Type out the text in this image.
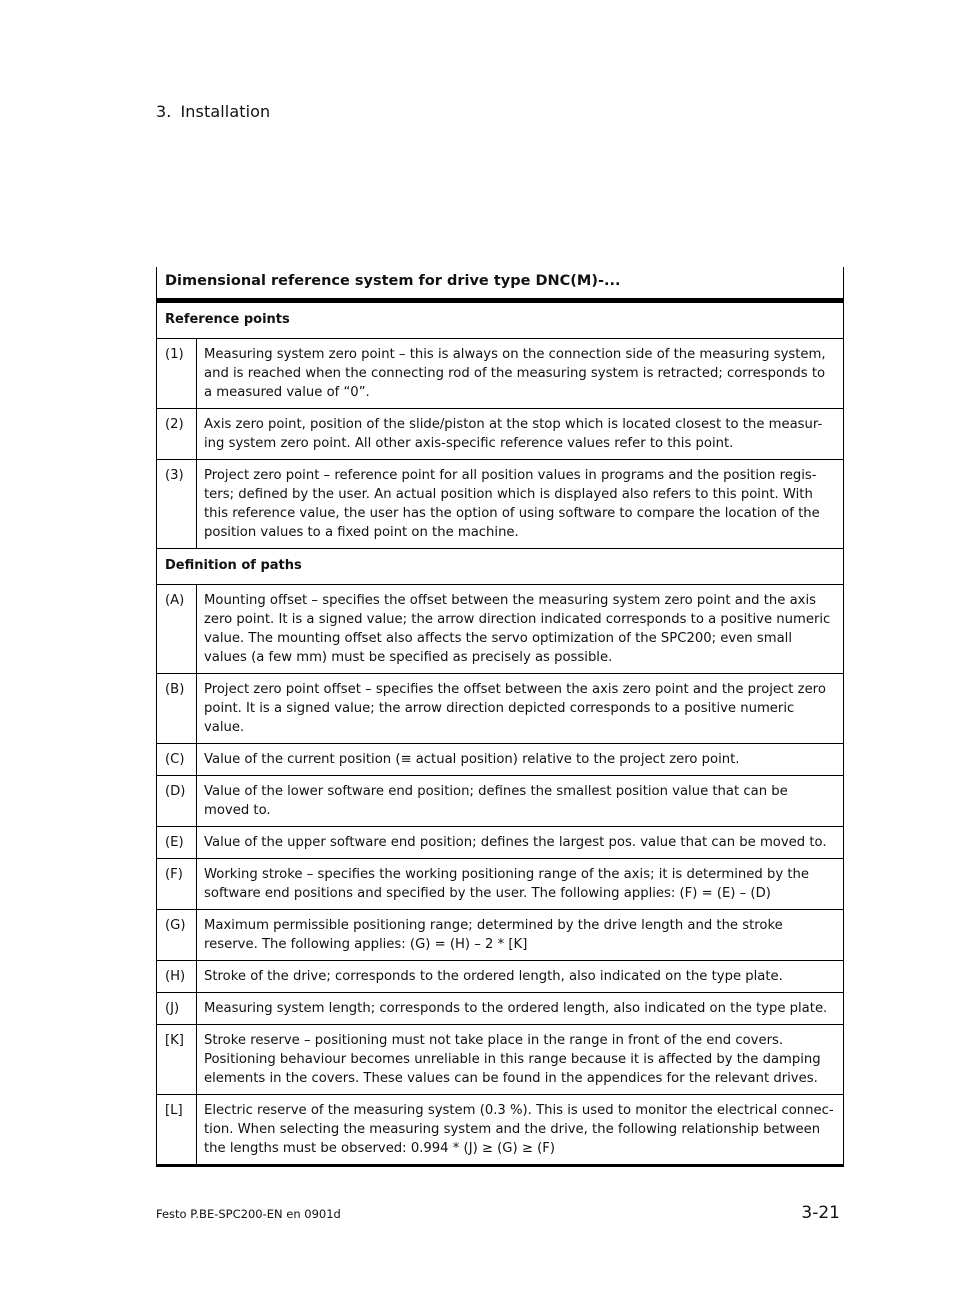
3. Installation
Dimensional reference system for drive type DNC(M)-...
Reference points
(1)	Measuring system zero point – this is always on the connection side of the measuring system, and is reached when the connecting rod of the measuring system is retracted; corresponds to a measured value of “0”.
(2)	Axis zero point, position of the slide/piston at the stop which is located closest to the measur-ing system zero point. All other axis-specific reference values refer to this point.
(3)	Project zero point – reference point for all position values in programs and the position regis-ters; defined by the user. An actual position which is displayed also refers to this point. With this reference value, the user has the option of using software to compare the location of the position values to a fixed point on the machine.
Definition of paths
(A)	Mounting offset – specifies the offset between the measuring system zero point and the axis zero point. It is a signed value; the arrow direction indicated corresponds to a positive numeric value. The mounting offset also affects the servo optimization of the SPC200; even small values (a few mm) must be specified as precisely as possible.
(B)	Project zero point offset – specifies the offset between the axis zero point and the project zero point. It is a signed value; the arrow direction depicted corresponds to a positive numeric value.
(C)	Value of the current position (≡ actual position) relative to the project zero point.
(D)	Value of the lower software end position; defines the smallest position value that can be moved to.
(E)	Value of the upper software end position; defines the largest pos. value that can be moved to.
(F)	Working stroke – specifies the working positioning range of the axis; it is determined by the software end positions and specified by the user. The following applies: (F) = (E) – (D)
(G)	Maximum permissible positioning range; determined by the drive length and the stroke reserve. The following applies: (G) = (H) – 2 * [K]
(H)	Stroke of the drive; corresponds to the ordered length, also indicated on the type plate.
(J)	Measuring system length; corresponds to the ordered length, also indicated on the type plate.
[K]	Stroke reserve – positioning must not take place in the range in front of the end covers. Positioning behaviour becomes unreliable in this range because it is affected by the damping elements in the covers. These values can be found in the appendices for the relevant drives.
[L]	Electric reserve of the measuring system (0.3 %). This is used to monitor the electrical connec-tion. When selecting the measuring system and the drive, the following relationship between the lengths must be observed: 0.994 * (J) ≥ (G) ≥ (F)
Festo P.BE-SPC200-EN en 0901d	3-21
